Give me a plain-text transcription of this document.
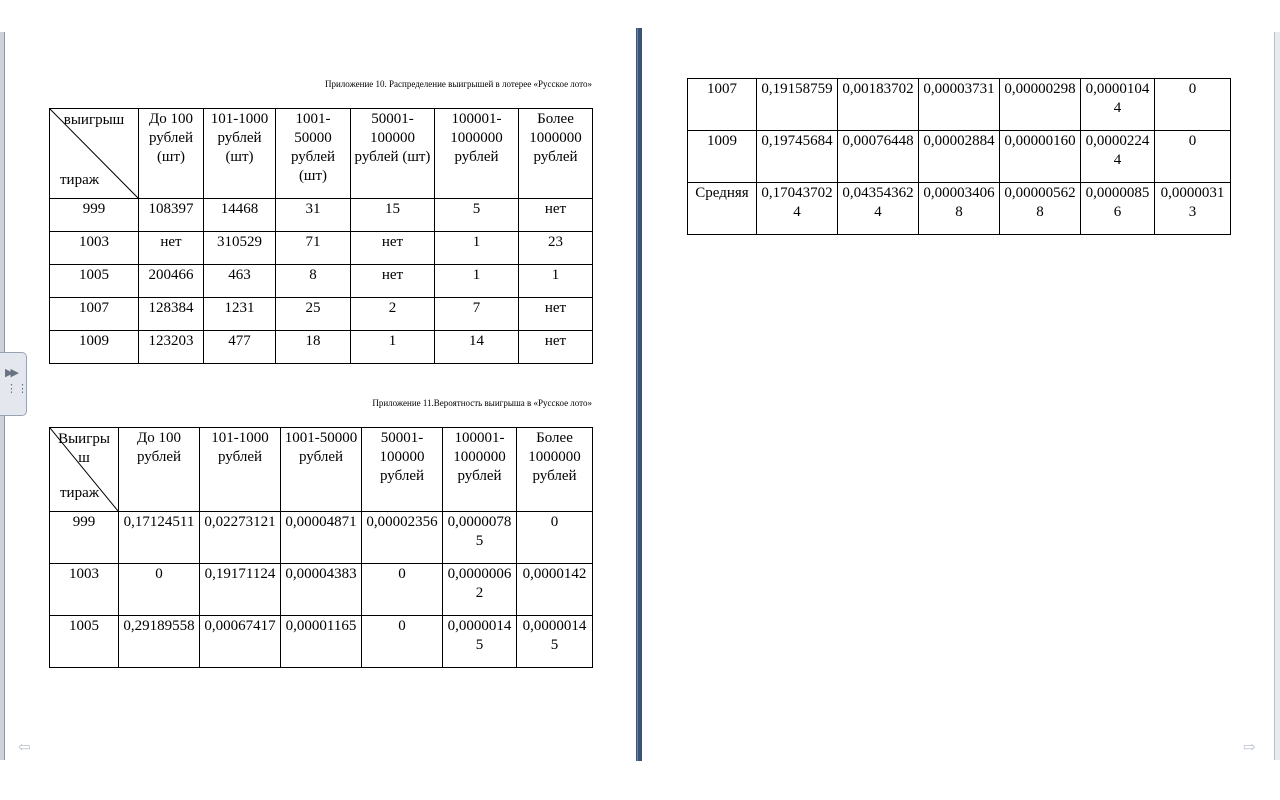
Приложение 10. Распределение выигрышей в лотерее «Русское лото»
выигрыш
тираж	До 100 рублей (шт)	101-1000 рублей (шт)	1001-50000 рублей (шт)	50001-100000 рублей (шт)	100001-1000000 рублей	Более 1000000 рублей
999	108397	14468	31	15	5	нет
1003	нет	310529	71	нет	1	23
1005	200466	463	8	нет	1	1
1007	128384	1231	25	2	7	нет
1009	123203	477	18	1	14	нет
Приложение 11.Вероятность выигрыша в «Русское лото»
Выигрыш
тираж	До 100 рублей	101-1000 рублей	1001-50000 рублей	50001-100000 рублей	100001-1000000 рублей	Более 1000000 рублей
999	0,17124511	0,02273121	0,00004871	0,00002356	0,00000785	0
1003	0	0,19171124	0,00004383	0	0,00000062	0,0000142
1005	0,29189558	0,00067417	0,00001165	0	0,00000145	0,00000145
1007	0,19158759	0,00183702	0,00003731	0,00000298	0,00001044	0
1009	0,19745684	0,00076448	0,00002884	0,00000160	0,00002244	0
Средняя	0,170437024	0,043543624	0,000034068	0,000005628	0,00000856	0,00000313
▶▶
⋮⋮
⇦	⇨
